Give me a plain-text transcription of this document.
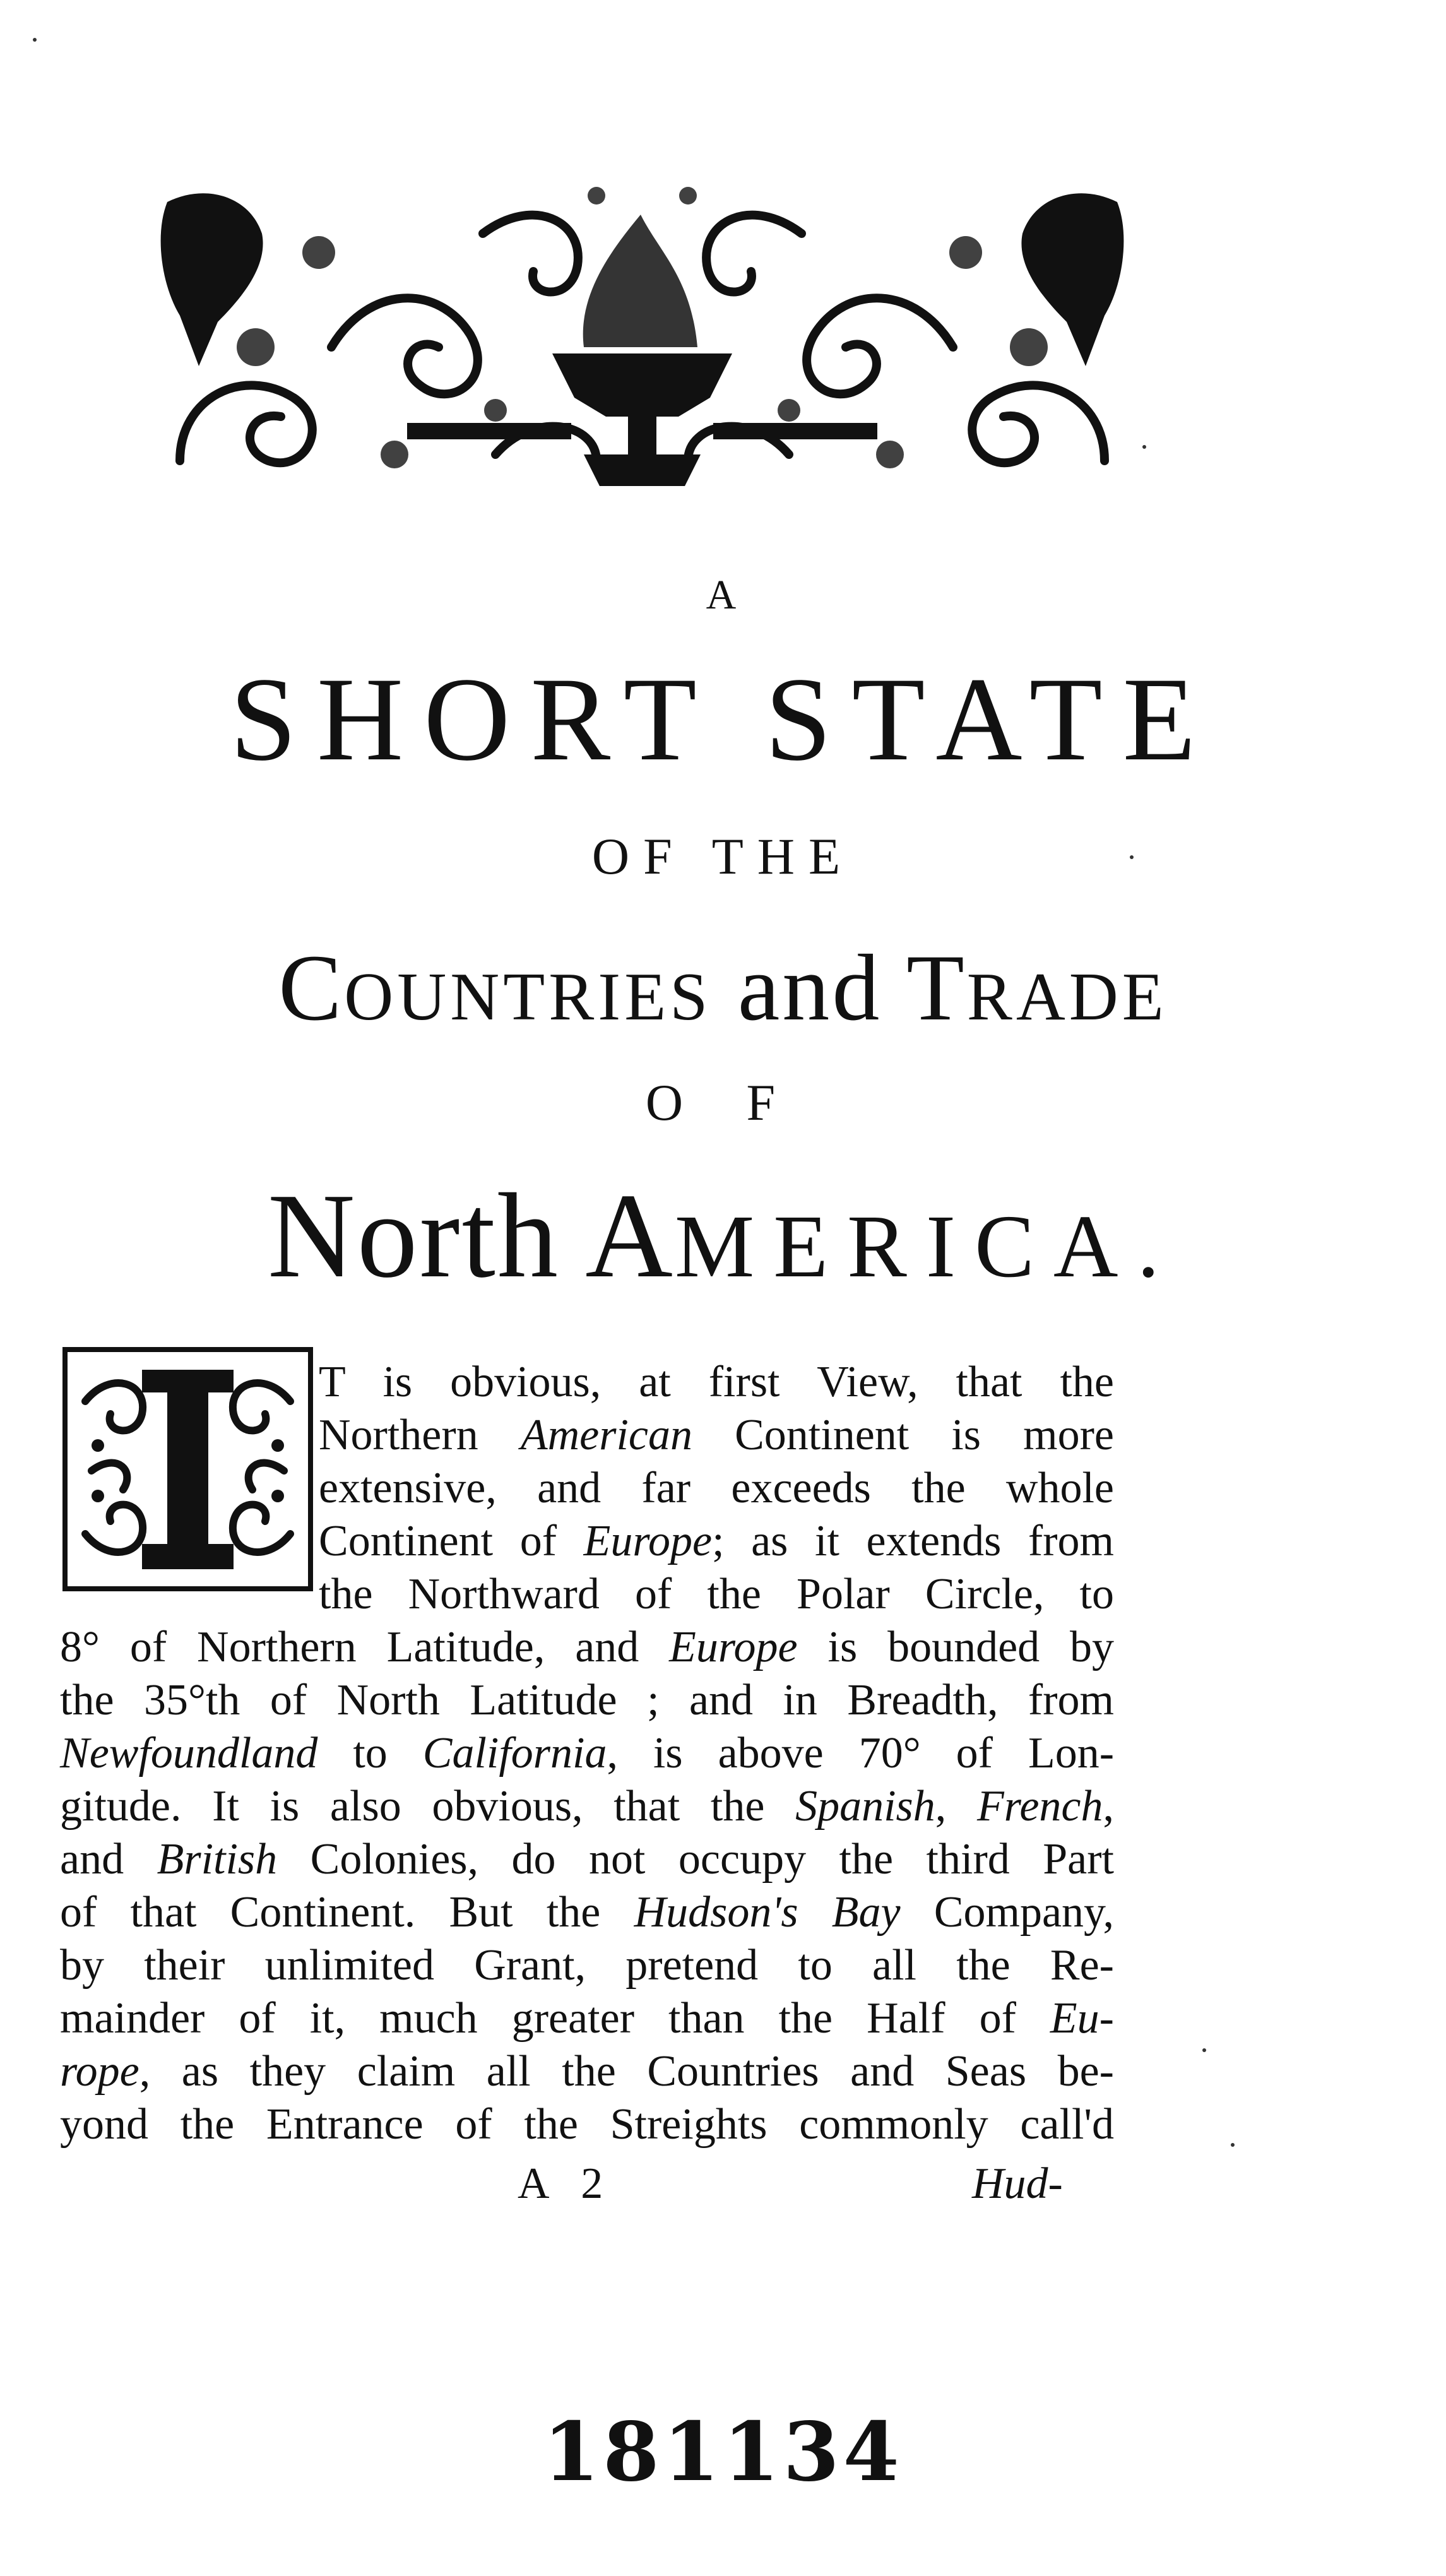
A
SHORT STATE
OF THE
COUNTRIES and TRADE
O F
North AMERICA.
T is obvious, at first View, that the
Northern American Continent is more
extensive, and far exceeds the whole
Continent of Europe; as it extends from
the Northward of the Polar Circle, to
8° of Northern Latitude, and Europe is bounded by
the 35°th of North Latitude ; and in Breadth, from
Newfoundland to California, is above 70° of Lon-
gitude. It is also obvious, that the Spanish, French,
and British Colonies, do not occupy the third Part
of that Continent. But the Hudson's Bay Company,
by their unlimited Grant, pretend to all the Re-
mainder of it, much greater than the Half of Eu-
rope, as they claim all the Countries and Seas be-
yond the Entrance of the Streights commonly call'd
A 2	Hud-
181134
